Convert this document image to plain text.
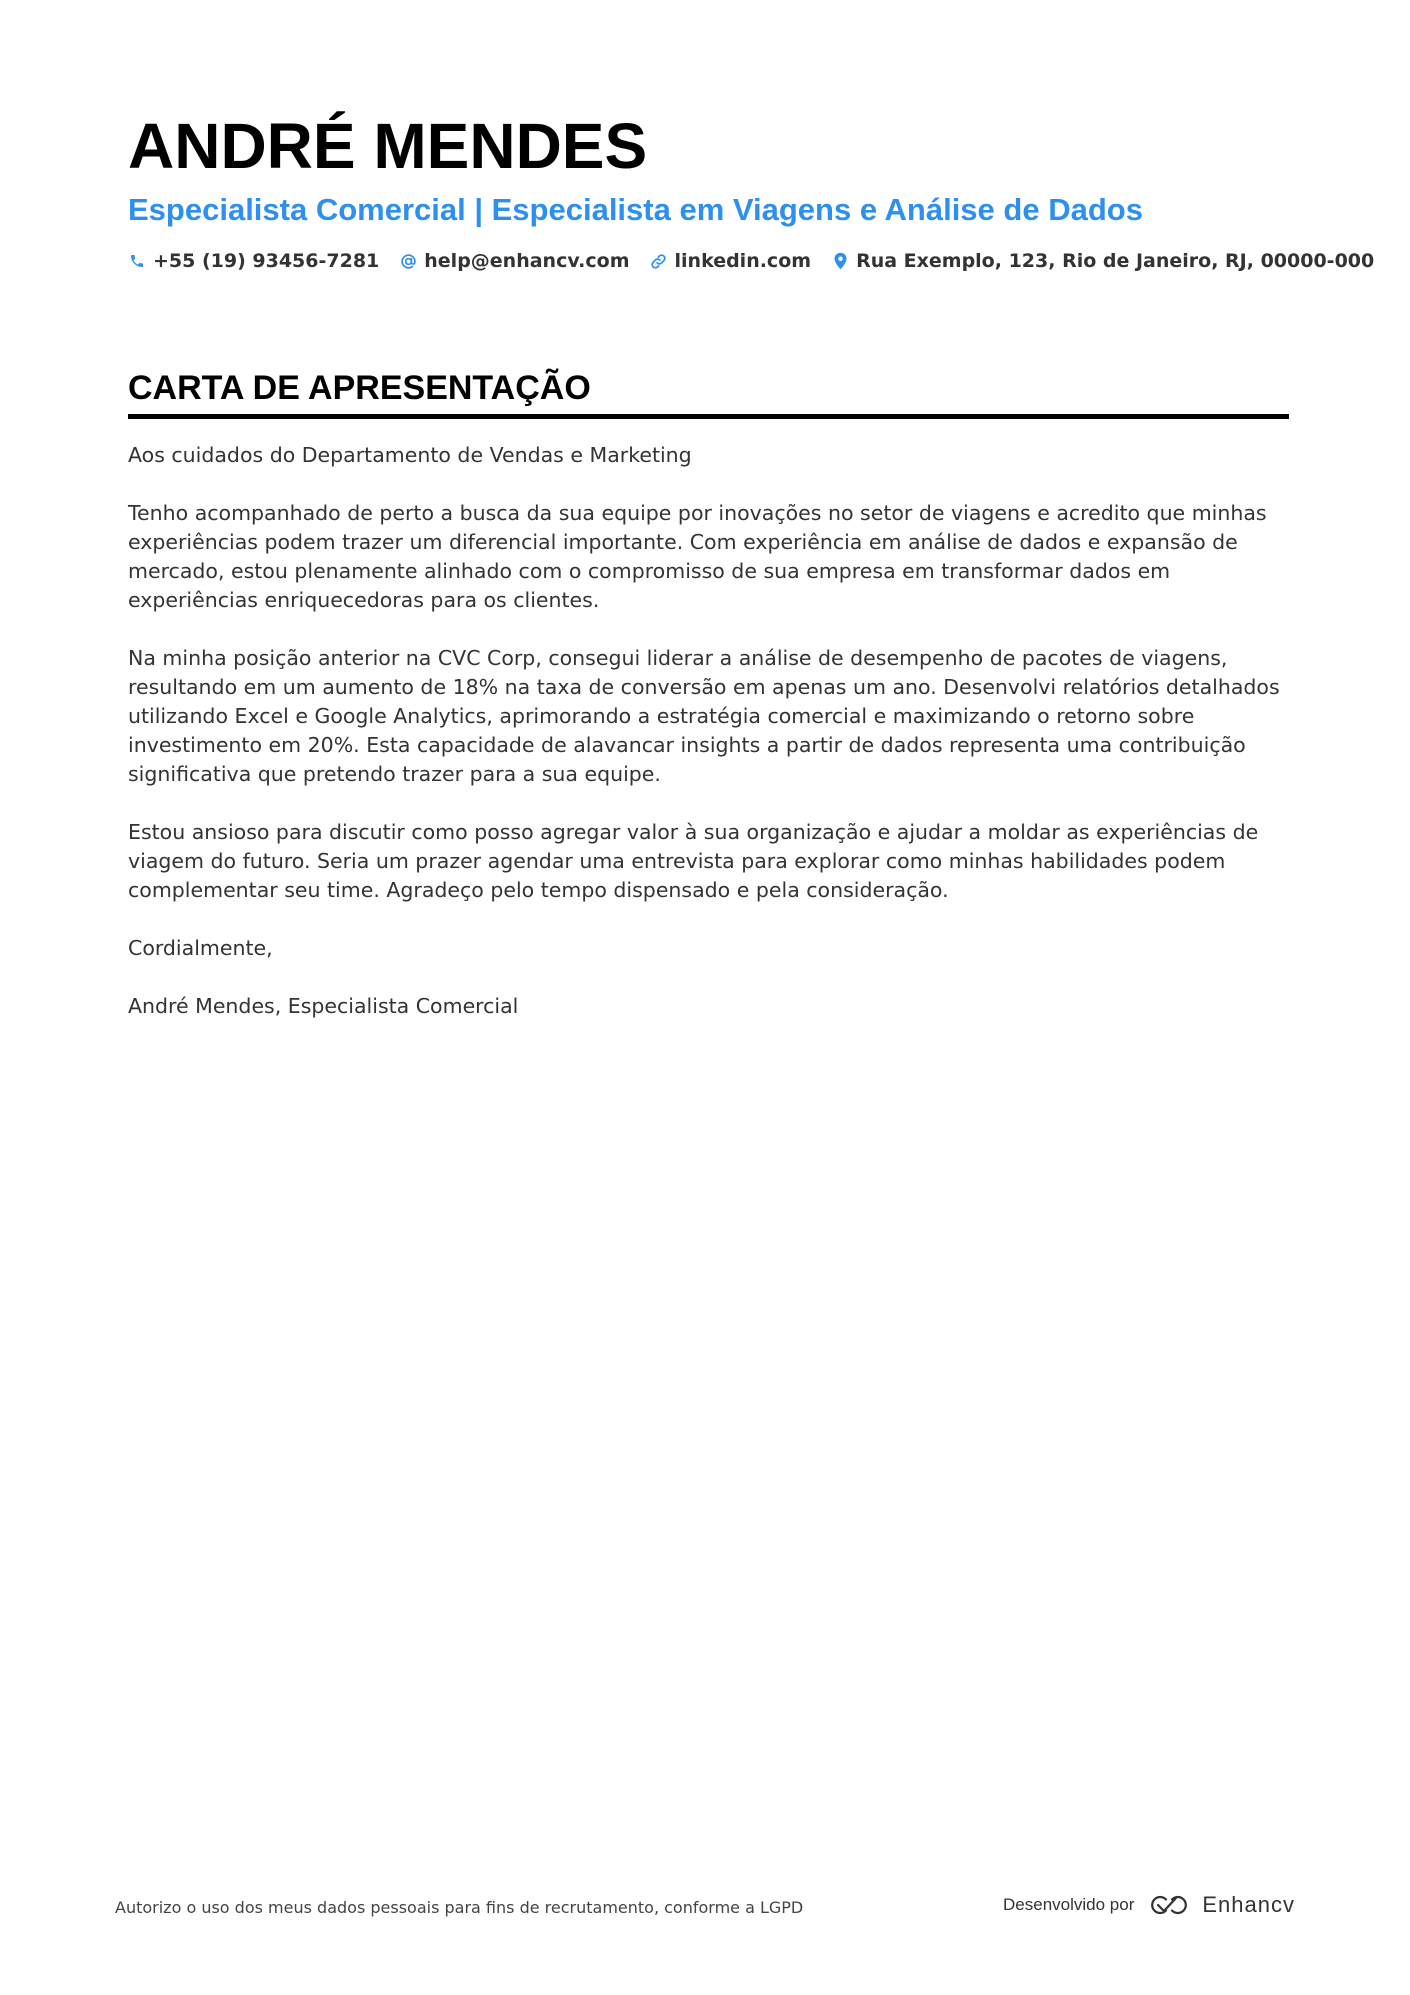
ANDRÉ MENDES
Especialista Comercial | Especialista em Viagens e Análise de Dados
+55 (19) 93456-7281 help@enhancv.com linkedin.com Rua Exemplo, 123, Rio de Janeiro, RJ, 00000-000
CARTA DE APRESENTAÇÃO

Aos cuidados do Departamento de Vendas e Marketing

Tenho acompanhado de perto a busca da sua equipe por inovações no setor de viagens e acredito que minhas experiências podem trazer um diferencial importante. Com experiência em análise de dados e expansão de mercado, estou plenamente alinhado com o compromisso de sua empresa em transformar dados em experiências enriquecedoras para os clientes.

Na minha posição anterior na CVC Corp, consegui liderar a análise de desempenho de pacotes de viagens, resultando em um aumento de 18% na taxa de conversão em apenas um ano. Desenvolvi relatórios detalhados utilizando Excel e Google Analytics, aprimorando a estratégia comercial e maximizando o retorno sobre investimento em 20%. Esta capacidade de alavancar insights a partir de dados representa uma contribuição significativa que pretendo trazer para a sua equipe.

Estou ansioso para discutir como posso agregar valor à sua organização e ajudar a moldar as experiências de viagem do futuro. Seria um prazer agendar uma entrevista para explorar como minhas habilidades podem complementar seu time. Agradeço pelo tempo dispensado e pela consideração.

Cordialmente,

André Mendes, Especialista Comercial

Autorizo o uso dos meus dados pessoais para fins de recrutamento, conforme a LGPD	Desenvolvido por	Enhancv
